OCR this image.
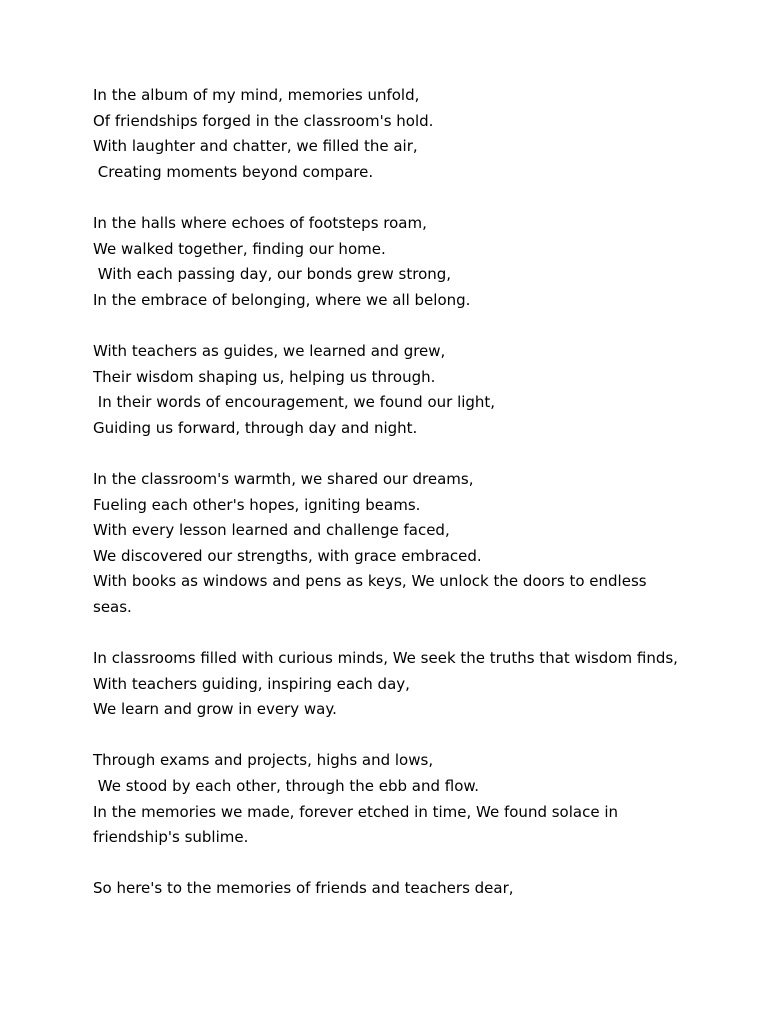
In the album of my mind, memories unfold,

Of friendships forged in the classroom's hold.

With laughter and chatter, we filled the air,

Creating moments beyond compare.

In the halls where echoes of footsteps roam,

We walked together, finding our home.

With each passing day, our bonds grew strong,

In the embrace of belonging, where we all belong.

With teachers as guides, we learned and grew,

Their wisdom shaping us, helping us through.

In their words of encouragement, we found our light,

Guiding us forward, through day and night.

In the classroom's warmth, we shared our dreams,

Fueling each other's hopes, igniting beams.

With every lesson learned and challenge faced,

We discovered our strengths, with grace embraced.

With books as windows and pens as keys, We unlock the doors to endless seas.

In classrooms filled with curious minds, We seek the truths that wisdom finds,

With teachers guiding, inspiring each day,

We learn and grow in every way.

Through exams and projects, highs and lows,

We stood by each other, through the ebb and flow.

In the memories we made, forever etched in time, We found solace in friendship's sublime.

So here's to the memories of friends and teachers dear,
